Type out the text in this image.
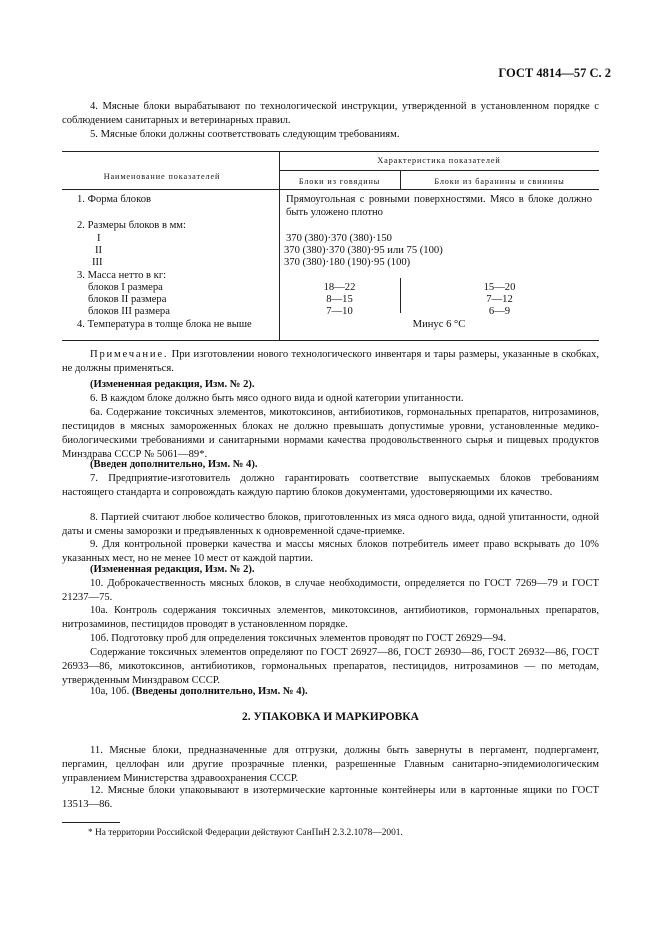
ГОСТ 4814—57 С. 2
4. Мясные блоки вырабатывают по технологической инструкции, утвержденной в установленном порядке с соблюдением санитарных и ветеринарных правил.
5. Мясные блоки должны соответствовать следующим требованиям.
Наименование показателей
Характеристика показателей
Блоки из говядины	Блоки из баранины и свинины
1. Форма блоков	Прямоугольная с ровными поверхностями. Мясо в блоке должно быть уложено плотно
2. Размеры блоков в мм:
I	370 (380)·370 (380)·150
II	370 (380)·370 (380)·95 или 75 (100)
III	370 (380)·180 (190)·95 (100)
3. Масса нетто в кг:
блоков I размера	18—22	15—20
блоков II размера	8—15	7—12
блоков III размера	7—10	6—9
4. Температура в толще блока не выше	Минус 6 °С
Примечание. При изготовлении нового технологического инвентаря и тары размеры, указанные в скобках, не должны применяться.
(Измененная редакция, Изм. № 2).
6. В каждом блоке должно быть мясо одного вида и одной категории упитанности.
6а. Содержание токсичных элементов, микотоксинов, антибиотиков, гормональных препаратов, нитрозаминов, пестицидов в мясных замороженных блоках не должно превышать допустимые уровни, установленные медико-биологическими требованиями и санитарными нормами качества продовольственного сырья и пищевых продуктов Минздрава СССР № 5061—89*.
(Введен дополнительно, Изм. № 4).
7. Предприятие-изготовитель должно гарантировать соответствие выпускаемых блоков требованиям настоящего стандарта и сопровождать каждую партию блоков документами, удостоверяющими их качество.
8. Партией считают любое количество блоков, приготовленных из мяса одного вида, одной упитанности, одной даты и смены заморозки и предъявленных к одновременной сдаче-приемке.
9. Для контрольной проверки качества и массы мясных блоков потребитель имеет право вскрывать до 10% указанных мест, но не менее 10 мест от каждой партии.
(Измененная редакция, Изм. № 2).
10. Доброкачественность мясных блоков, в случае необходимости, определяется по ГОСТ 7269—79 и ГОСТ 21237—75.
10а. Контроль содержания токсичных элементов, микотоксинов, антибиотиков, гормональных препаратов, нитрозаминов, пестицидов проводят в установленном порядке.
10б. Подготовку проб для определения токсичных элементов проводят по ГОСТ 26929—94.
Содержание токсичных элементов определяют по ГОСТ 26927—86, ГОСТ 26930—86, ГОСТ 26932—86, ГОСТ 26933—86, микотоксинов, антибиотиков, гормональных препаратов, пестицидов, нитрозаминов — по методам, утвержденным Минздравом СССР.
10а, 10б. (Введены дополнительно, Изм. № 4).
2. УПАКОВКА И МАРКИРОВКА
11. Мясные блоки, предназначенные для отгрузки, должны быть завернуты в пергамент, подпергамент, пергамин, целлофан или другие прозрачные пленки, разрешенные Главным санитарно-эпидемиологическим управлением Министерства здравоохранения СССР.
12. Мясные блоки упаковывают в изотермические картонные контейнеры или в картонные ящики по ГОСТ 13513—86.
* На территории Российской Федерации действуют СанПиН 2.3.2.1078—2001.
